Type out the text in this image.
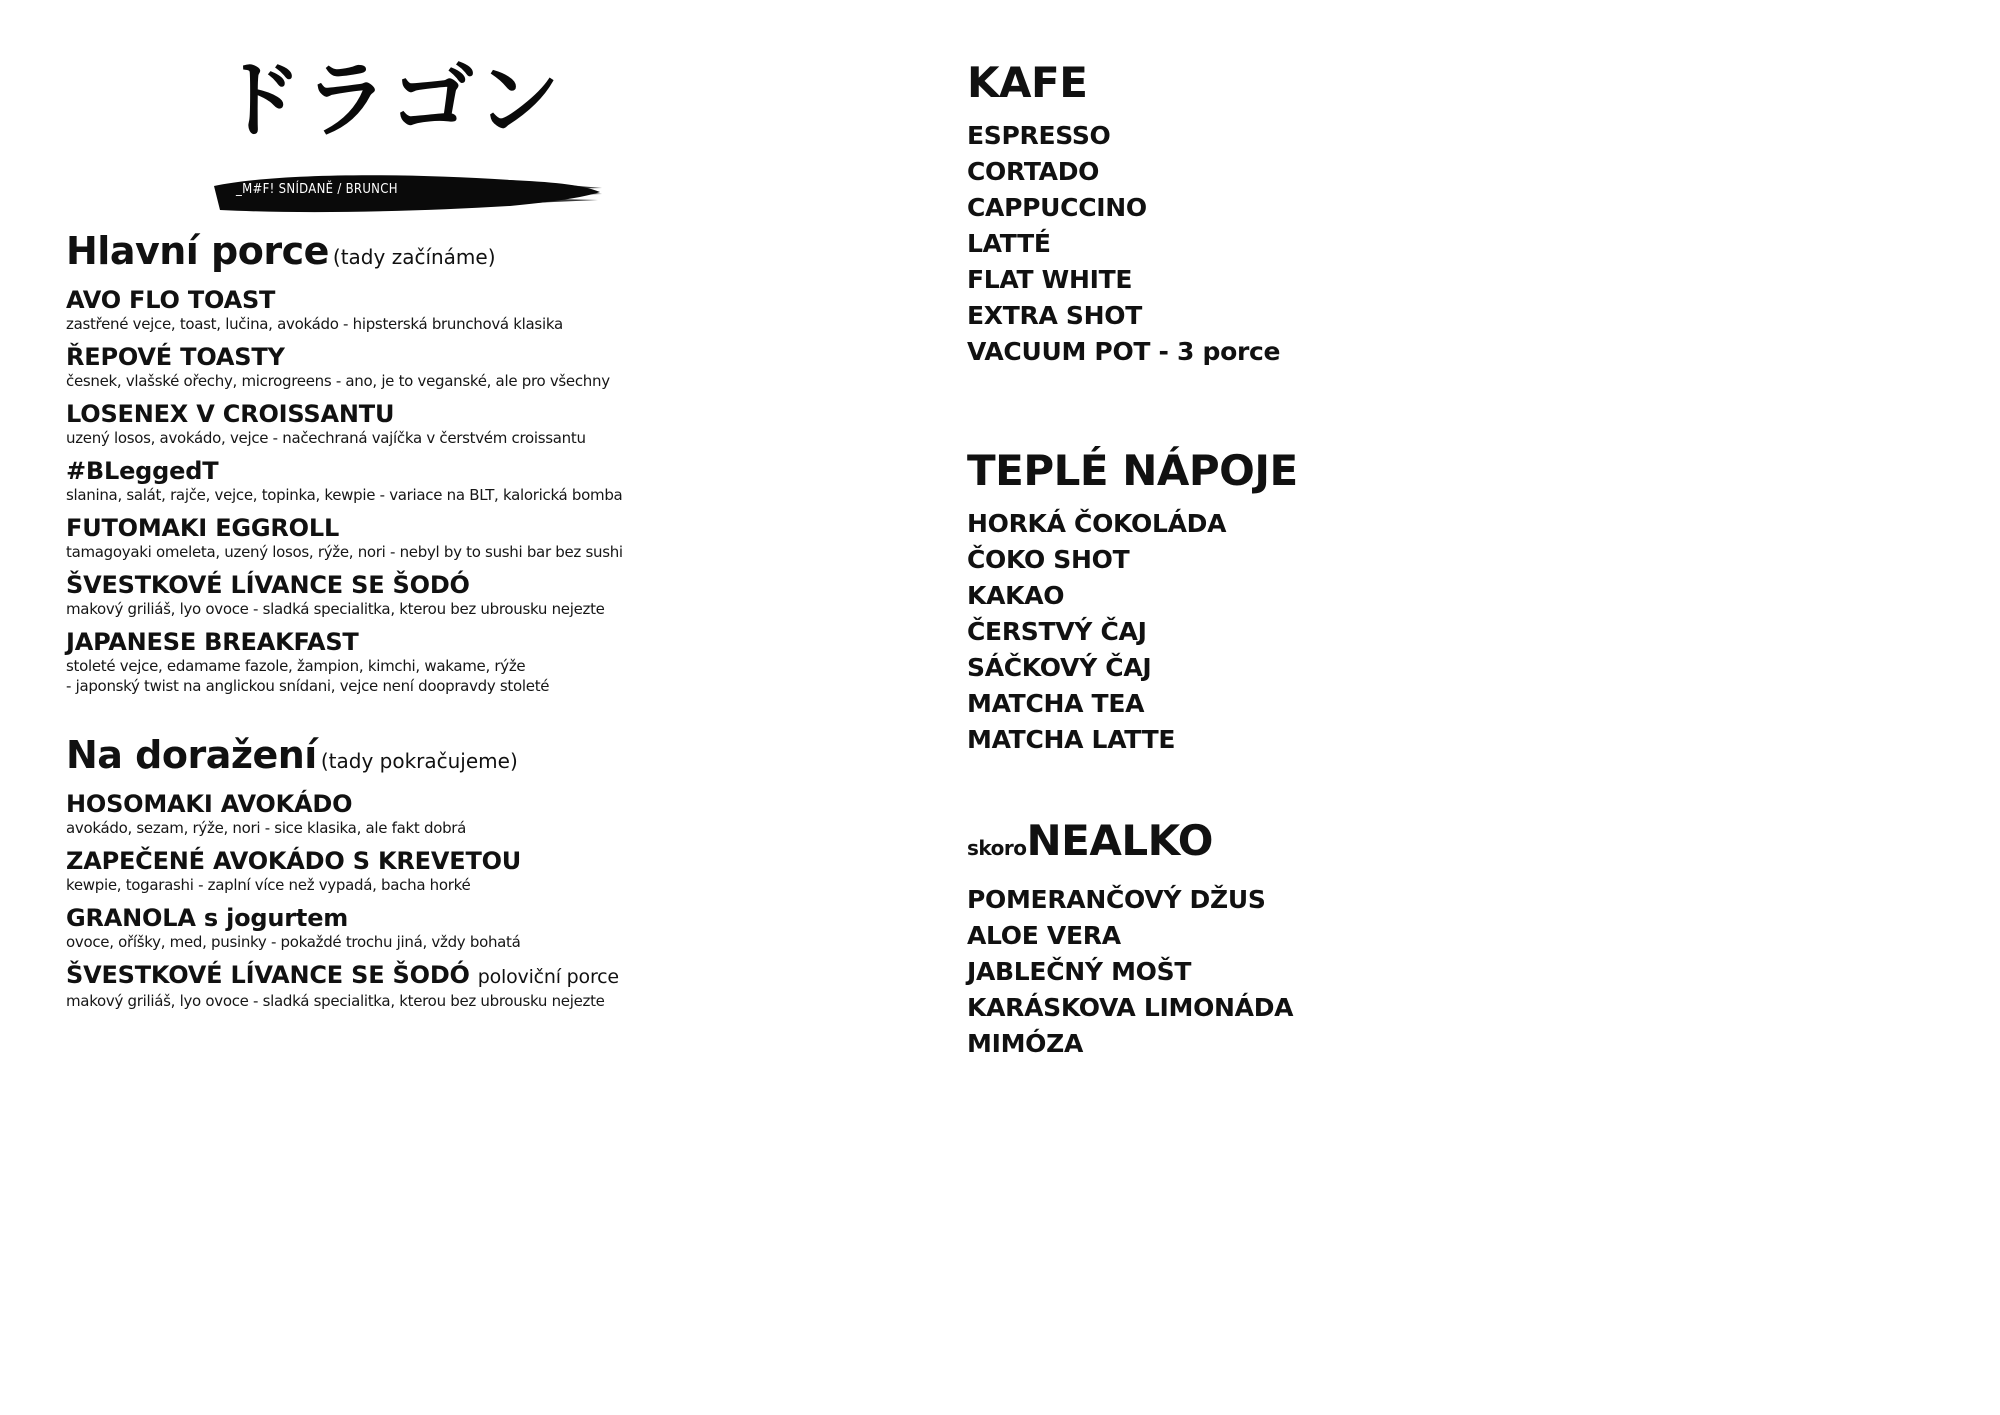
ドラゴン
_M#F! SNÍDANĚ / BRUNCH
Hlavní porce (tady začínáme)
AVO FLO TOAST
zastřené vejce, toast, lučina, avokádo - hipsterská brunchová klasika
ŘEPOVÉ TOASTY
česnek, vlašské ořechy, microgreens - ano, je to veganské, ale pro všechny
LOSENEX V CROISSANTU
uzený losos, avokádo, vejce - načechraná vajíčka v čerstvém croissantu
#BLeggedT
slanina, salát, rajče, vejce, topinka, kewpie - variace na BLT, kalorická bomba
FUTOMAKI EGGROLL
tamagoyaki omeleta, uzený losos, rýže, nori - nebyl by to sushi bar bez sushi
ŠVESTKOVÉ LÍVANCE SE ŠODÓ
makový griliáš, lyo ovoce - sladká specialitka, kterou bez ubrousku nejezte
JAPANESE BREAKFAST
stoleté vejce, edamame fazole, žampion, kimchi, wakame, rýže
- japonský twist na anglickou snídani, vejce není doopravdy stoleté
Na doražení (tady pokračujeme)
HOSOMAKI AVOKÁDO
avokádo, sezam, rýže, nori - sice klasika, ale fakt dobrá
ZAPEČENÉ AVOKÁDO S KREVETOU
kewpie, togarashi - zaplní více než vypadá, bacha horké
GRANOLA s jogurtem
ovoce, oříšky, med, pusinky - pokaždé trochu jiná, vždy bohatá
ŠVESTKOVÉ LÍVANCE SE ŠODÓ poloviční porce
makový griliáš, lyo ovoce - sladká specialitka, kterou bez ubrousku nejezte
KAFE
ESPRESSO
CORTADO
CAPPUCCINO
LATTÉ
FLAT WHITE
EXTRA SHOT
VACUUM POT - 3 porce
TEPLÉ NÁPOJE
HORKÁ ČOKOLÁDA
ČOKO SHOT
KAKAO
ČERSTVÝ ČAJ
SÁČKOVÝ ČAJ
MATCHA TEA
MATCHA LATTE
skoroNEALKO
POMERANČOVÝ DŽUS
ALOE VERA
JABLEČNÝ MOŠT
KARÁSKOVA LIMONÁDA
MIMÓZA
